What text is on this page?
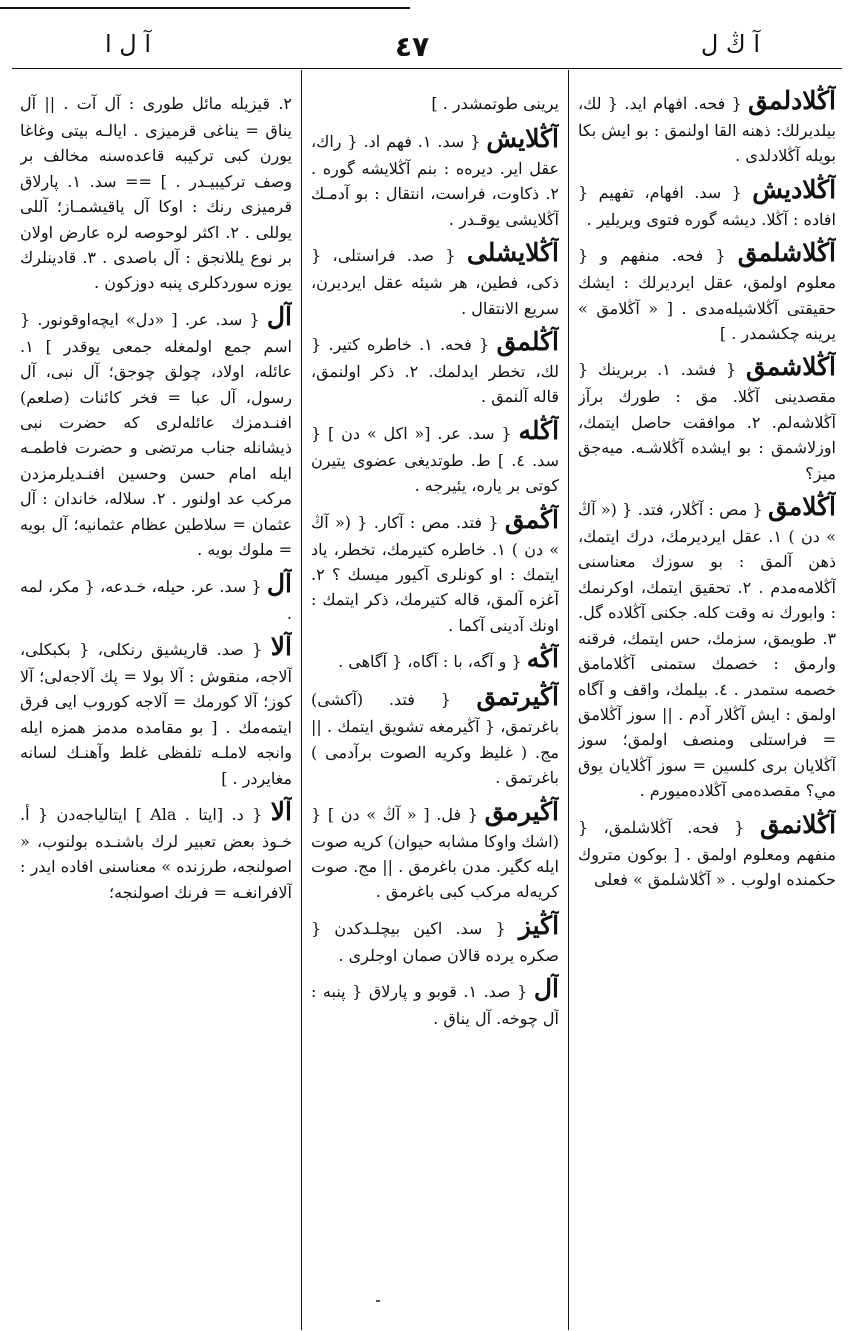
آ ڭ ل
٤٧
آ ل ا

آڭلادلمق { فحه. افهام ايد. { لك، بيلديرلك: ذهنه القا اولنمق : بو ايش بكا بويله آڭلادلدی .

آڭلادیش { سد. افهام، تفهيم { افاده : آڭلا. ديشه گوره فتوی ويريلير .

آڭلاشلمق { فحه. منفهم و { معلوم اولمق، عقل ايرديرلك : ايشك حقيقتی آڭلاشيله‌مدی . [ « آڭلامق » يرينه چكشمدر . ]

آڭلاشمق { فشد. ١. بربرينك { مقصدينی آڭلا. مق : طورك برآز آڭلاشەلم. ٢. موافقت حاصل ايتمك، اوزلاشمق : بو ايشده آڭلاشـه. میه‌جق ميز؟

آڭلامق { مص : آڭلار، فتد. { (« آڭ » دن ) ١. عقل ايرديرمك، درك ايتمك، ذهن آلمق : بو سوزك معناسنی آڭلامەمدم . ٢. تحقيق ايتمك، اوكرنمك : وابورك نه وقت كله. جكنی آڭلاده گل. ٣. طويمق، سزمك، حس ايتمك، فرقنه وارمق : خصمك ستمنی آڭلامامق خصمه ستمدر . ٤. بيلمك، واقف و آگاه اولمق : ايش آڭلار آدم . || سوز آڭلامق = فراستلی ومنصف اولمق؛ سوز آڭلايان بری كلسين = سوز آڭلايان يوق مي؟ مقصدەمی آڭلاده‌ميورم .

آڭلانمق { فحه. آڭلاشلمق، { منفهم ومعلوم اولمق . [ بوكون متروك حكمنده اولوب . « آڭلاشلمق » فعلی

يرينی طوتمشدر . ]

آڭلايش { سد. ١. فهم اد. { راك، عقل اير. ديره‌ه : بنم آڭلايشه گوره . ٢. ذكاوت، فراست، انتقال : بو آدمـك آڭلايشی يوقـدر .

آڭلايشلی { صد. فراستلی، { ذكی، فطين، هر شيئه عقل ايرديرن، سريع الانتقال .

آڭلمق { فحه. ١. خاطره كتير. { لك، تخطر ايدلمك. ٢. ذكر اولنمق، قاله آلنمق .

آڭله { سد. عر. [« اكل » دن ] { سد. ٤. ] ط. طوتديغی عضوی يتيرن كوتی بر ياره، يئيرجه .

آڭمق { فتد. مص : آكار. { (« آڭ » دن ) ١. خاطره كتيرمك، تخطر، ياد ايتمك : او كونلری آكيور ميسك ؟ ٢. آغزه آلمق، قاله كتيرمك، ذكر ايتمك : اونك آدينی آكما .

آڭه { و آگه، با : آگاه، { آگاهی .

آڭيرتمق { فتد. (آكشی) باغرتمق، { آڭيرمغه تشويق ايتمك . || مج. ( غليظ وكريه الصوت برآدمی ) باغرتمق .

آڭيرمق { فل. [ « آڭ » دن ] { (اشك واوكا مشابه حيوان) كريه صوت ايله كگير. مدن باغرمق . || مج. صوت كريه‌له مركب كبی باغرمق .

آڭيز { سد. اكين بيچلـدكدن { صكره يرده قالان صمان اوجلری .

آل { صد. ١. قوبو و پارلاق { پنبه : آل چوخه. آل يناق .

٢. قيزيله مائل طوری : آل آت . || آل يناق = يناغی قرمیزی . ايالـه بيتی وغاغا يورن كبی تركيبه قاعده‌سنه مخالف بر وصف تركيبيـدر . ] == سد. ١. پارلاق قرمیزی رنك : اوكا آل ياقيشمـاز؛ آللی يوللی . ٢. اكثر لوحوصه لره عارض اولان بر نوع يللانجق : آل باصدی . ٣. قادينلرك يوزه سوردكلری پنبه دوزكون .

آل { سد. عر. [ «دل» ايچه‌اوقونور. { اسم جمع اولمغله جمعی يوقدر ] ١. عائله، اولاد، چولق چوجق؛ آل نبی، آل رسول، آل عبا = فخر كائنات (صلعم) افنـدمزك عائله‌لری كه حضرت نبی ذيشانله جناب مرتضی و حضرت فاطمـه ايله امام حسن وحسين افنـديلرمزدن مركب عد اولنور . ٢. سلاله، خاندان : آل عثمان = سلاطين عظام عثمانيه؛ آل بويه = ملوك بويه .

آل { سد. عر. حيله، خـدعه، { مكر، لمه .

آلا { صد. قاريشيق رنكلی، { بكبكلی، آلاجه، منقوش : آلا بولا = پك آلاجه‌لی؛ آلا كوز؛ آلا كورمك = آلاجه كوروب ايی فرق ايتمه‌مك . [ بو مقامده مدمز همزه ايله وانجه لاملـه تلفظی غلط وآهنـك لسانه مغايردر . ]

آلا { د. [ايتا . Ala ] ايتالياجه‌دن { أ. خـوذ بعض تعبير لرك باشنـده بولنوب، « اصولنجه، طرزنده » معناسنی افاده ايدر : آلافرانغـه = فرنك اصولنجه؛
